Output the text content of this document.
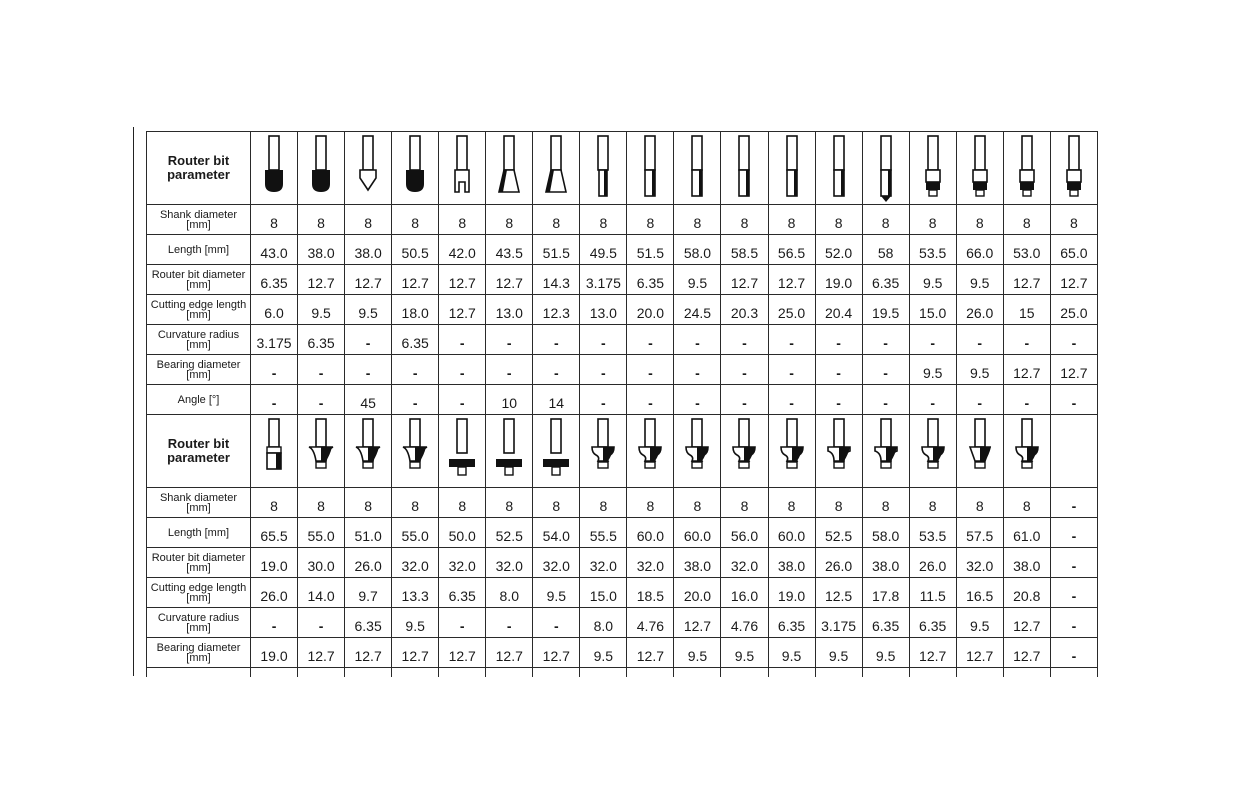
Router bit parameter	

Shank diameter
[mm]	8	8	8	8	8	8	8	8	8	8	8	8	8	8	8	8	8	8

Length [mm]	43.0	38.0	38.0	50.5	42.0	43.5	51.5	49.5	51.5	58.0	58.5	56.5	52.0	58	53.5	66.0	53.0	65.0

Router bit diameter
[mm]	6.35	12.7	12.7	12.7	12.7	12.7	14.3	3.175	6.35	9.5	12.7	12.7	19.0	6.35	9.5	9.5	12.7	12.7

Cutting edge length
[mm]	6.0	9.5	9.5	18.0	12.7	13.0	12.3	13.0	20.0	24.5	20.3	25.0	20.4	19.5	15.0	26.0	15	25.0

Curvature radius
[mm]	3.175	6.35	-	6.35	-	-	-	-	-	-	-	-	-	-	-	-	-	-

Bearing diameter
[mm]	-	-	-	-	-	-	-	-	-	-	-	-	-	-	9.5	9.5	12.7	12.7

Angle [°]	-	-	45	-	-	10	14	-	-	-	-	-	-	-	-	-	-	-
Router bit parameter	

Shank diameter
[mm]	8	8	8	8	8	8	8	8	8	8	8	8	8	8	8	8	8	-

Length [mm]	65.5	55.0	51.0	55.0	50.0	52.5	54.0	55.5	60.0	60.0	56.0	60.0	52.5	58.0	53.5	57.5	61.0	-

Router bit diameter
[mm]	19.0	30.0	26.0	32.0	32.0	32.0	32.0	32.0	32.0	38.0	32.0	38.0	26.0	38.0	26.0	32.0	38.0	-

Cutting edge length
[mm]	26.0	14.0	9.7	13.3	6.35	8.0	9.5	15.0	18.5	20.0	16.0	19.0	12.5	17.8	11.5	16.5	20.8	-

Curvature radius
[mm]	-	-	6.35	9.5	-	-	-	8.0	4.76	12.7	4.76	6.35	3.175	6.35	6.35	9.5	12.7	-

Bearing diameter
[mm]	19.0	12.7	12.7	12.7	12.7	12.7	12.7	9.5	12.7	9.5	9.5	9.5	9.5	9.5	12.7	12.7	12.7	-
